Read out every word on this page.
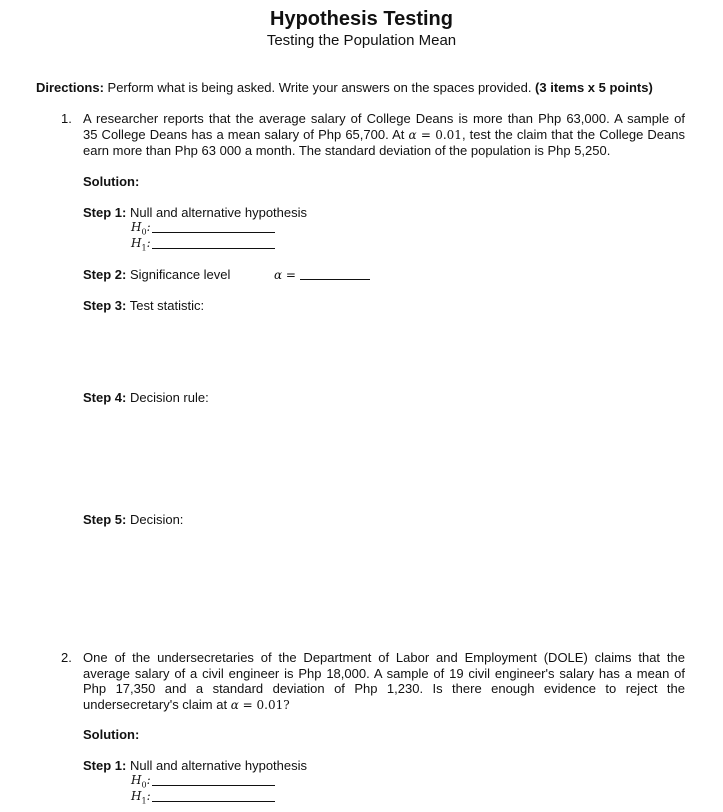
Hypothesis Testing
Testing the Population Mean
Directions: Perform what is being asked. Write your answers on the spaces provided. (3 items x 5 points)
1. A researcher reports that the average salary of College Deans is more than Php 63,000. A sample of
35 College Deans has a mean salary of Php 65,700. At α = 0.01, test the claim that the College Deans
earn more than Php 63 000 a month. The standard deviation of the population is Php 5,250.
Solution:
Step 1: Null and alternative hypothesis
$H_0$:
$H_1$:
Step 2: Significance level	α =
Step 3: Test statistic:
Step 4: Decision rule:
Step 5: Decision:
2. One of the undersecretaries of the Department of Labor and Employment (DOLE) claims that the
average salary of a civil engineer is Php 18,000. A sample of 19 civil engineer's salary has a mean of
Php 17,350 and a standard deviation of Php 1,230. Is there enough evidence to reject the
undersecretary's claim at α = 0.01?
Solution:
Step 1: Null and alternative hypothesis
$H_0$:
$H_1$:
